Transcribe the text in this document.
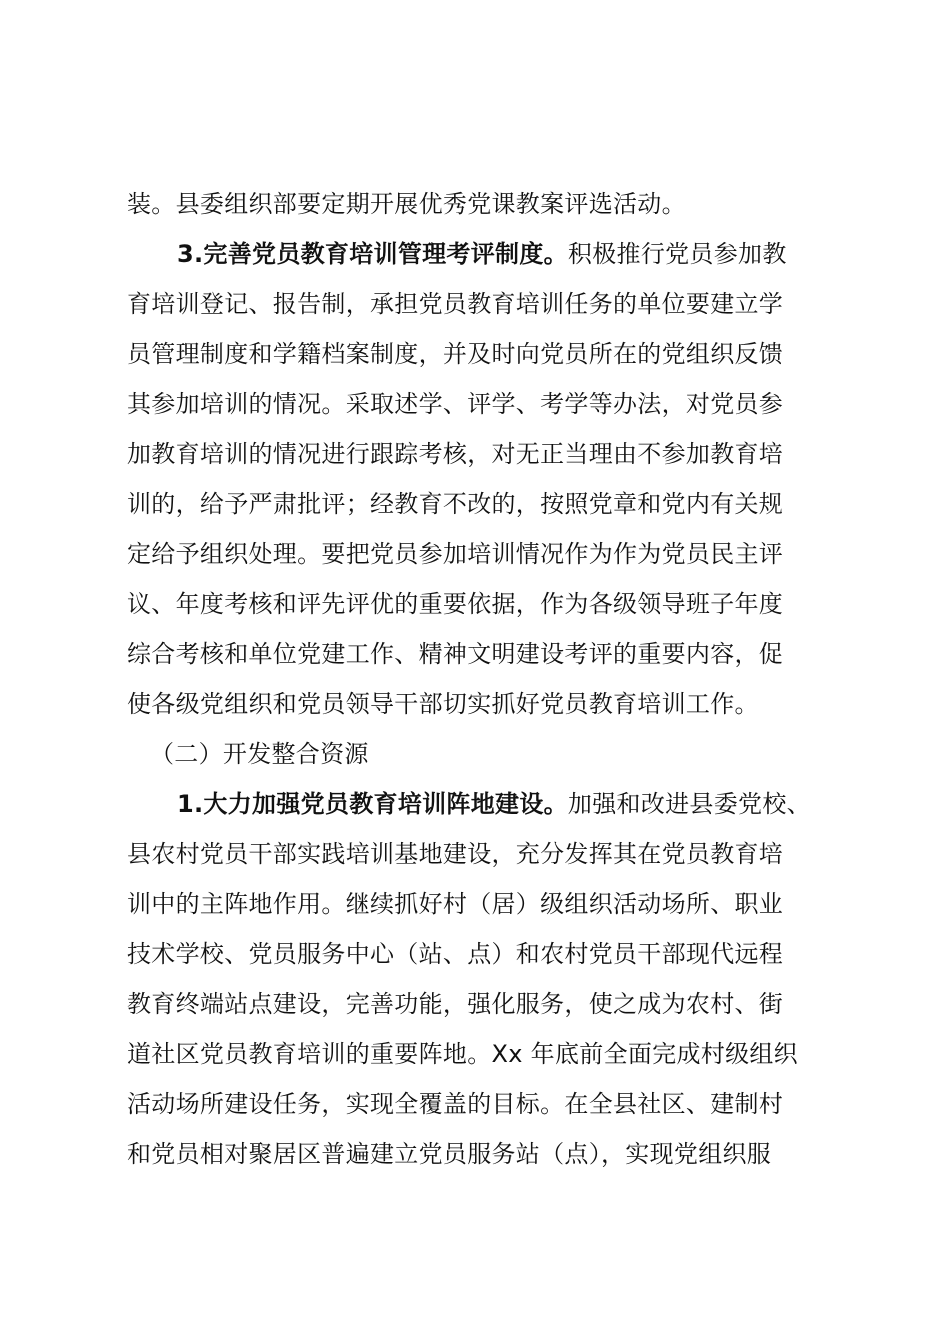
装。县委组织部要定期开展优秀党课教案评选活动。
3.完善党员教育培训管理考评制度。积极推行党员参加教
育培训登记、报告制，承担党员教育培训任务的单位要建立学
员管理制度和学籍档案制度，并及时向党员所在的党组织反馈
其参加培训的情况。采取述学、评学、考学等办法，对党员参
加教育培训的情况进行跟踪考核，对无正当理由不参加教育培
训的，给予严肃批评；经教育不改的，按照党章和党内有关规
定给予组织处理。要把党员参加培训情况作为作为党员民主评
议、年度考核和评先评优的重要依据，作为各级领导班子年度
综合考核和单位党建工作、精神文明建设考评的重要内容，促
使各级党组织和党员领导干部切实抓好党员教育培训工作。
（二）开发整合资源
1.大力加强党员教育培训阵地建设。加强和改进县委党校、
县农村党员干部实践培训基地建设，充分发挥其在党员教育培
训中的主阵地作用。继续抓好村（居）级组织活动场所、职业
技术学校、党员服务中心（站、点）和农村党员干部现代远程
教育终端站点建设，完善功能，强化服务，使之成为农村、街
道社区党员教育培训的重要阵地。Xx 年底前全面完成村级组织
活动场所建设任务，实现全覆盖的目标。在全县社区、建制村
和党员相对聚居区普遍建立党员服务站（点），实现党组织服
